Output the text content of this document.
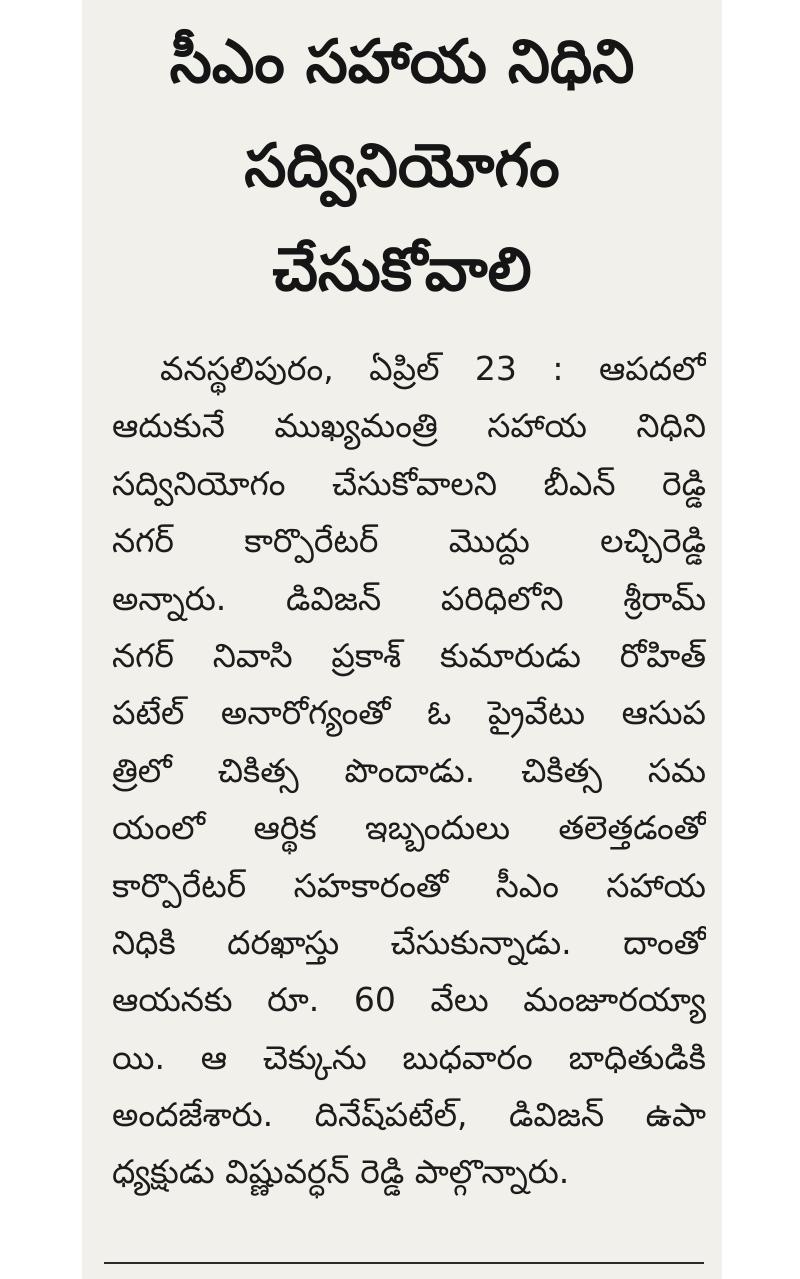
సీఎం సహాయ నిధిని
సద్వినియోగం
చేసుకోవాలి
వనస్థలిపురం, ఏప్రిల్ 23 : ఆపదలో
ఆదుకునే ముఖ్యమంత్రి సహాయ నిధిని
సద్వినియోగం చేసుకోవాలని బీఎన్ రెడ్డి
నగర్ కార్పొరేటర్ మొద్దు లచ్చిరెడ్డి
అన్నారు. డివిజన్ పరిధిలోని శ్రీరామ్
నగర్ నివాసి ప్రకాశ్ కుమారుడు రోహిత్
పటేల్ అనారోగ్యంతో ఓ ప్రైవేటు ఆసుప
త్రిలో చికిత్స పొందాడు. చికిత్స సమ
యంలో ఆర్థిక ఇబ్బందులు తలెత్తడంతో
కార్పొరేటర్ సహకారంతో సీఎం సహాయ
నిధికి దరఖాస్తు చేసుకున్నాడు. దాంతో
ఆయనకు రూ. 60 వేలు మంజూరయ్యా
యి. ఆ చెక్కును బుధవారం బాధితుడికి
అందజేశారు. దినేష్‌పటేల్, డివిజన్ ఉపా
ధ్యక్షుడు విష్ణువర్ధన్ రెడ్డి పాల్గొన్నారు.
